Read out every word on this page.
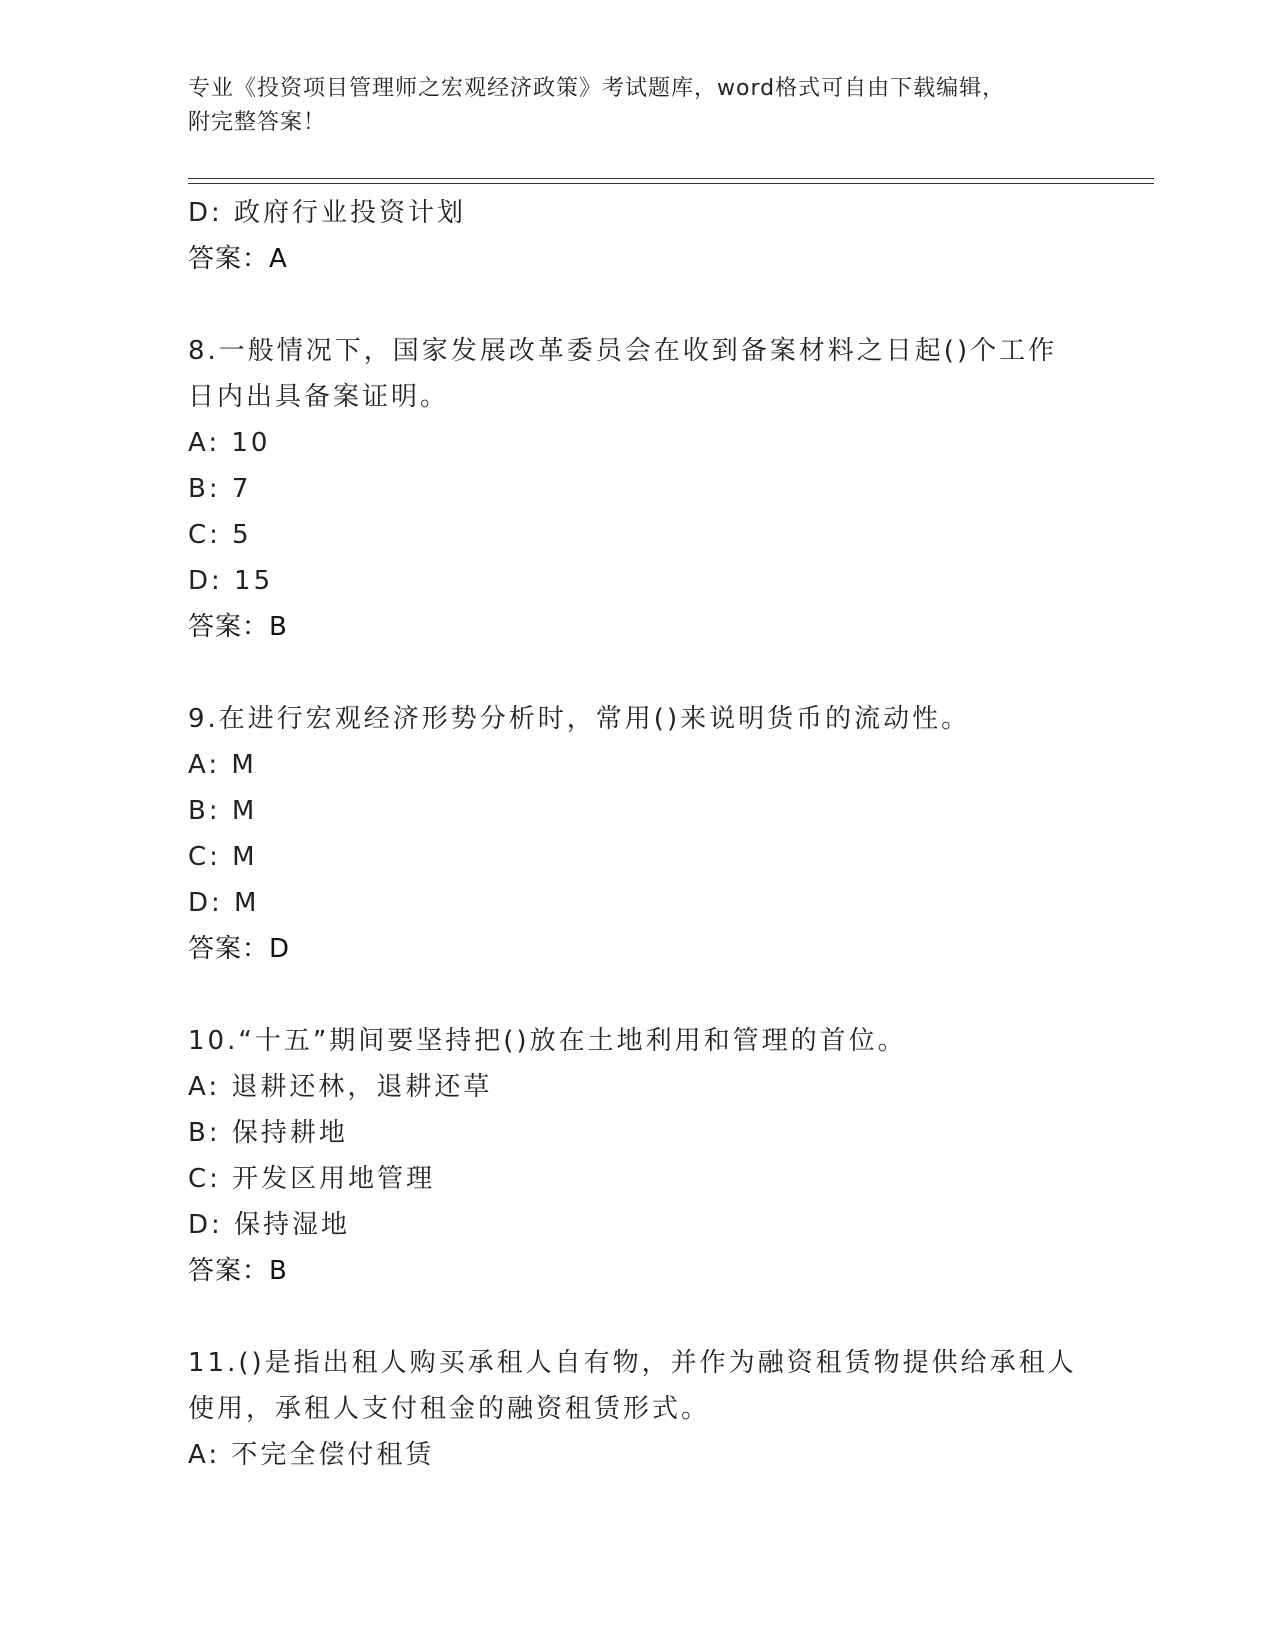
专业《投资项目管理师之宏观经济政策》考试题库，word格式可自由下载编辑，
附完整答案！
D: 政府行业投资计划
答案：A
8.一般情况下，国家发展改革委员会在收到备案材料之日起()个工作
日内出具备案证明。
A: 10
B: 7
C: 5
D: 15
答案：B
9.在进行宏观经济形势分析时，常用()来说明货币的流动性。
A: M
B: M
C: M
D: M
答案：D
10.“十五”期间要坚持把()放在土地利用和管理的首位。
A: 退耕还林，退耕还草
B: 保持耕地
C: 开发区用地管理
D: 保持湿地
答案：B
11.()是指出租人购买承租人自有物，并作为融资租赁物提供给承租人
使用，承租人支付租金的融资租赁形式。
A: 不完全偿付租赁
